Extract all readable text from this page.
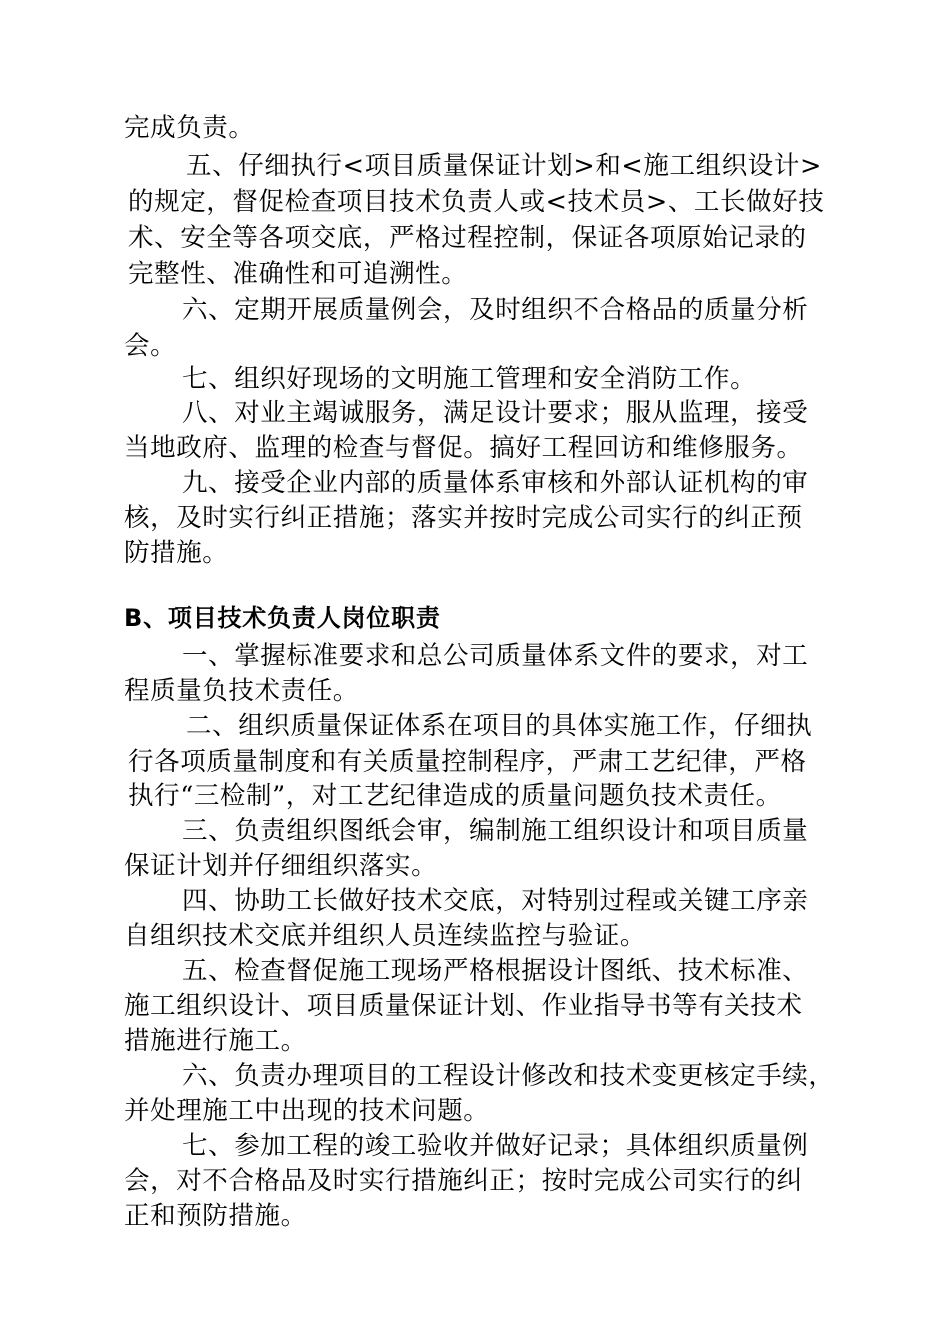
完成负责。
五、仔细执行<项目质量保证计划>和<施工组织设计>
的规定，督促检查项目技术负责人或<技术员>、工长做好技
术、安全等各项交底，严格过程控制，保证各项原始记录的
完整性、准确性和可追溯性。
六、定期开展质量例会，及时组织不合格品的质量分析
会。
七、组织好现场的文明施工管理和安全消防工作。
八、对业主竭诚服务，满足设计要求；服从监理，接受
当地政府、监理的检查与督促。搞好工程回访和维修服务。
九、接受企业内部的质量体系审核和外部认证机构的审
核，及时实行纠正措施；落实并按时完成公司实行的纠正预
防措施。
B、项目技术负责人岗位职责
一、掌握标准要求和总公司质量体系文件的要求，对工
程质量负技术责任。
二、组织质量保证体系在项目的具体实施工作，仔细执
行各项质量制度和有关质量控制程序，严肃工艺纪律，严格
执行“三检制”，对工艺纪律造成的质量问题负技术责任。
三、负责组织图纸会审，编制施工组织设计和项目质量
保证计划并仔细组织落实。
四、协助工长做好技术交底，对特别过程或关键工序亲
自组织技术交底并组织人员连续监控与验证。
五、检查督促施工现场严格根据设计图纸、技术标准、
施工组织设计、项目质量保证计划、作业指导书等有关技术
措施进行施工。
六、负责办理项目的工程设计修改和技术变更核定手续，
并处理施工中出现的技术问题。
七、参加工程的竣工验收并做好记录；具体组织质量例
会，对不合格品及时实行措施纠正；按时完成公司实行的纠
正和预防措施。
